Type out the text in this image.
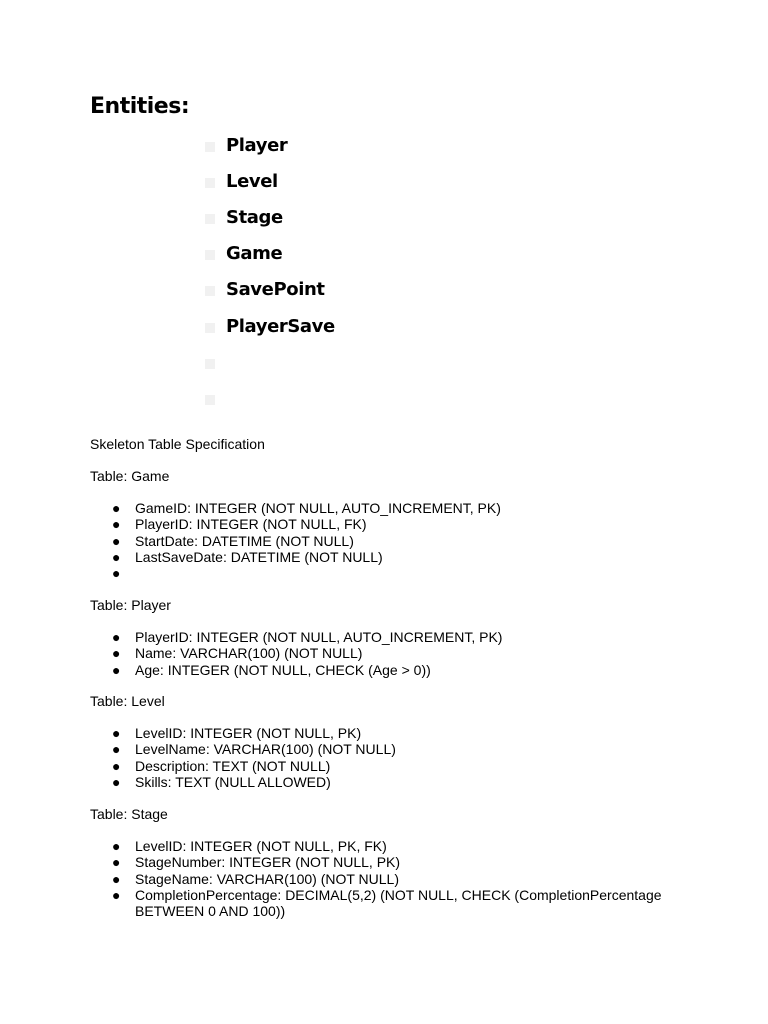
Entities:
Player
Level
Stage
Game
SavePoint
PlayerSave

Skeleton Table Specification

Table: Game

● GameID: INTEGER (NOT NULL, AUTO_INCREMENT, PK)
● PlayerID: INTEGER (NOT NULL, FK)
● StartDate: DATETIME (NOT NULL)
● LastSaveDate: DATETIME (NOT NULL)
●

Table: Player

● PlayerID: INTEGER (NOT NULL, AUTO_INCREMENT, PK)
● Name: VARCHAR(100) (NOT NULL)
● Age: INTEGER (NOT NULL, CHECK (Age > 0))

Table: Level

● LevelID: INTEGER (NOT NULL, PK)
● LevelName: VARCHAR(100) (NOT NULL)
● Description: TEXT (NOT NULL)
● Skills: TEXT (NULL ALLOWED)

Table: Stage

● LevelID: INTEGER (NOT NULL, PK, FK)
● StageNumber: INTEGER (NOT NULL, PK)
● StageName: VARCHAR(100) (NOT NULL)
● CompletionPercentage: DECIMAL(5,2) (NOT NULL, CHECK (CompletionPercentage BETWEEN 0 AND 100))
